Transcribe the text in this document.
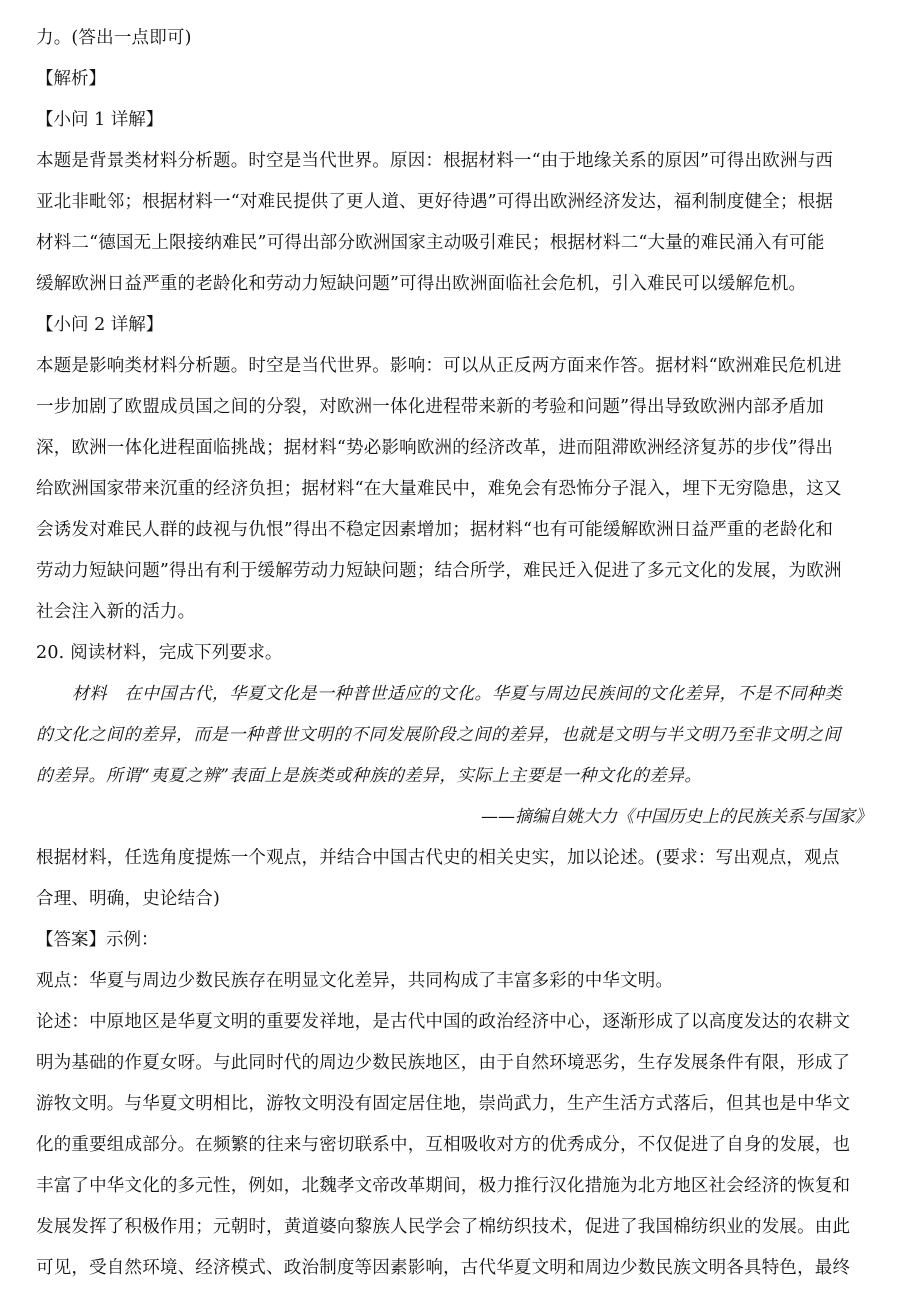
力。(答出一点即可)
【解析】
【小问 1 详解】
本题是背景类材料分析题。时空是当代世界。原因：根据材料一“由于地缘关系的原因”可得出欧洲与西
亚北非毗邻；根据材料一“对难民提供了更人道、更好待遇”可得出欧洲经济发达，福利制度健全；根据
材料二“德国无上限接纳难民”可得出部分欧洲国家主动吸引难民；根据材料二“大量的难民涌入有可能
缓解欧洲日益严重的老龄化和劳动力短缺问题”可得出欧洲面临社会危机，引入难民可以缓解危机。
【小问 2 详解】
本题是影响类材料分析题。时空是当代世界。影响：可以从正反两方面来作答。据材料“欧洲难民危机进
一步加剧了欧盟成员国之间的分裂，对欧洲一体化进程带来新的考验和问题”得出导致欧洲内部矛盾加
深，欧洲一体化进程面临挑战；据材料“势必影响欧洲的经济改革，进而阻滞欧洲经济复苏的步伐”得出
给欧洲国家带来沉重的经济负担；据材料“在大量难民中，难免会有恐怖分子混入，埋下无穷隐患，这又
会诱发对难民人群的歧视与仇恨”得出不稳定因素增加；据材料“也有可能缓解欧洲日益严重的老龄化和
劳动力短缺问题”得出有利于缓解劳动力短缺问题；结合所学，难民迁入促进了多元文化的发展，为欧洲
社会注入新的活力。
20. 阅读材料，完成下列要求。
材料　在中国古代，华夏文化是一种普世适应的文化。华夏与周边民族间的文化差异，不是不同种类
的文化之间的差异，而是一种普世文明的不同发展阶段之间的差异，也就是文明与半文明乃至非文明之间
的差异。所谓“夷夏之辨”表面上是族类或种族的差异，实际上主要是一种文化的差异。
——摘编自姚大力《中国历史上的民族关系与国家》
根据材料，任选角度提炼一个观点，并结合中国古代史的相关史实，加以论述。(要求：写出观点，观点
合理、明确，史论结合)
【答案】示例：
观点：华夏与周边少数民族存在明显文化差异，共同构成了丰富多彩的中华文明。
论述：中原地区是华夏文明的重要发祥地，是古代中国的政治经济中心，逐渐形成了以高度发达的农耕文
明为基础的作夏女呀。与此同时代的周边少数民族地区，由于自然环境恶劣，生存发展条件有限，形成了
游牧文明。与华夏文明相比，游牧文明没有固定居住地，崇尚武力，生产生活方式落后，但其也是中华文
化的重要组成部分。在频繁的往来与密切联系中，互相吸收对方的优秀成分，不仅促进了自身的发展，也
丰富了中华文化的多元性，例如，北魏孝文帝改革期间，极力推行汉化措施为北方地区社会经济的恢复和
发展发挥了积极作用；元朝时，黄道婆向黎族人民学会了棉纺织技术，促进了我国棉纺织业的发展。由此
可见，受自然环境、经济模式、政治制度等因素影响，古代华夏文明和周边少数民族文明各具特色，最终
